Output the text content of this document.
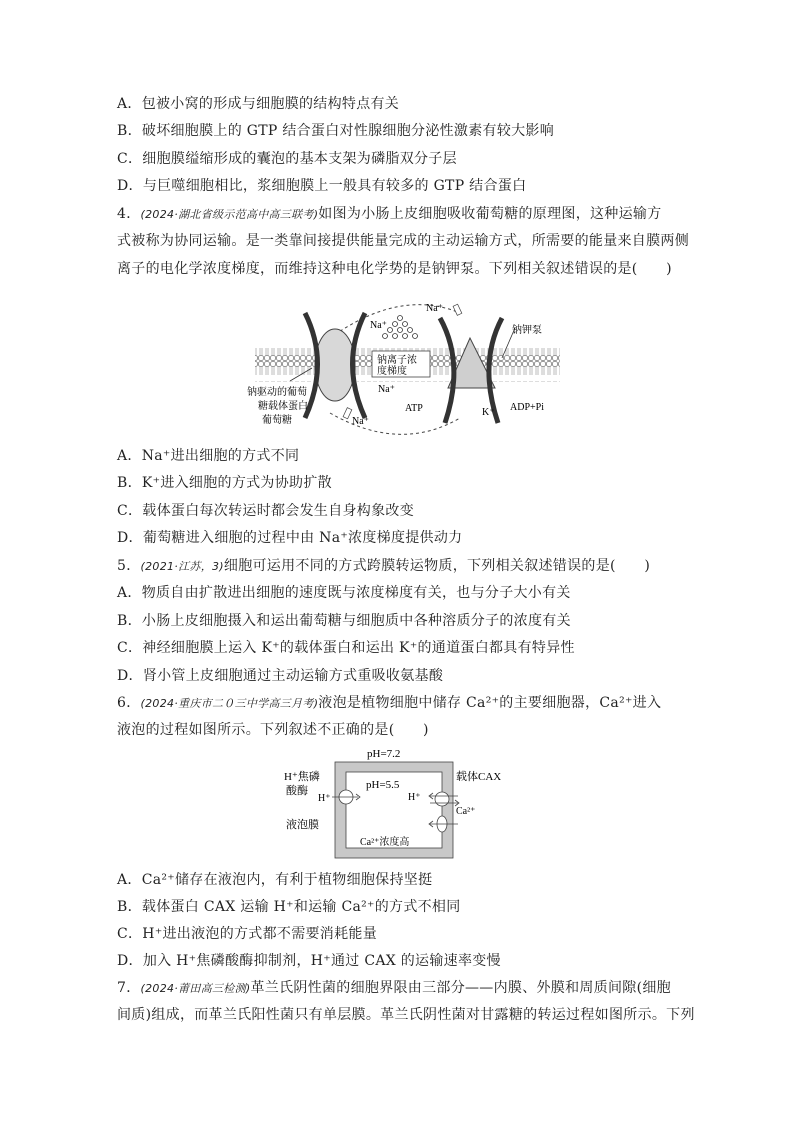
A．包被小窝的形成与细胞膜的结构特点有关
B．破坏细胞膜上的 GTP 结合蛋白对性腺细胞分泌性激素有较大影响
C．细胞膜缢缩形成的囊泡的基本支架为磷脂双分子层
D．与巨噬细胞相比，浆细胞膜上一般具有较多的 GTP 结合蛋白
4．(2024·湖北省级示范高中高三联考)如图为小肠上皮细胞吸收葡萄糖的原理图，这种运输方
式被称为协同运输。是一类靠间接提供能量完成的主动运输方式，所需要的能量来自膜两侧
离子的电化学浓度梯度，而维持这种电化学势的是钠钾泵。下列相关叙述错误的是(　　)
Na⁺
Na⁺	钠钾泵
钠离子浓
度梯度
Na⁺
钠驱动的葡萄
糖载体蛋白
葡萄糖	Na⁺
ATP	K⁺ ADP+Pi
A．Na⁺进出细胞的方式不同
B．K⁺进入细胞的方式为协助扩散
C．载体蛋白每次转运时都会发生自身构象改变
D．葡萄糖进入细胞的过程中由 Na⁺浓度梯度提供动力
5．(2021·江苏，3)细胞可运用不同的方式跨膜转运物质，下列相关叙述错误的是(　　)
A．物质自由扩散进出细胞的速度既与浓度梯度有关，也与分子大小有关
B．小肠上皮细胞摄入和运出葡萄糖与细胞质中各种溶质分子的浓度有关
C．神经细胞膜上运入 K⁺的载体蛋白和运出 K⁺的通道蛋白都具有特异性
D．肾小管上皮细胞通过主动运输方式重吸收氨基酸
6．(2024·重庆市二０三中学高三月考)液泡是植物细胞中储存 Ca²⁺的主要细胞器，Ca²⁺进入
液泡的过程如图所示。下列叙述不正确的是(　　)
pH=7.2
pH=5.5
H⁺焦磷
酸酶
H⁺
载体CAX
H⁺
Ca²⁺
液泡膜
Ca²⁺浓度高
A．Ca²⁺储存在液泡内，有利于植物细胞保持坚挺
B．载体蛋白 CAX 运输 H⁺和运输 Ca²⁺的方式不相同
C．H⁺进出液泡的方式都不需要消耗能量
D．加入 H⁺焦磷酸酶抑制剂，H⁺通过 CAX 的运输速率变慢
7．(2024·莆田高三检测)革兰氏阴性菌的细胞界限由三部分——内膜、外膜和周质间隙(细胞
间质)组成，而革兰氏阳性菌只有单层膜。革兰氏阴性菌对甘露糖的转运过程如图所示。下列
